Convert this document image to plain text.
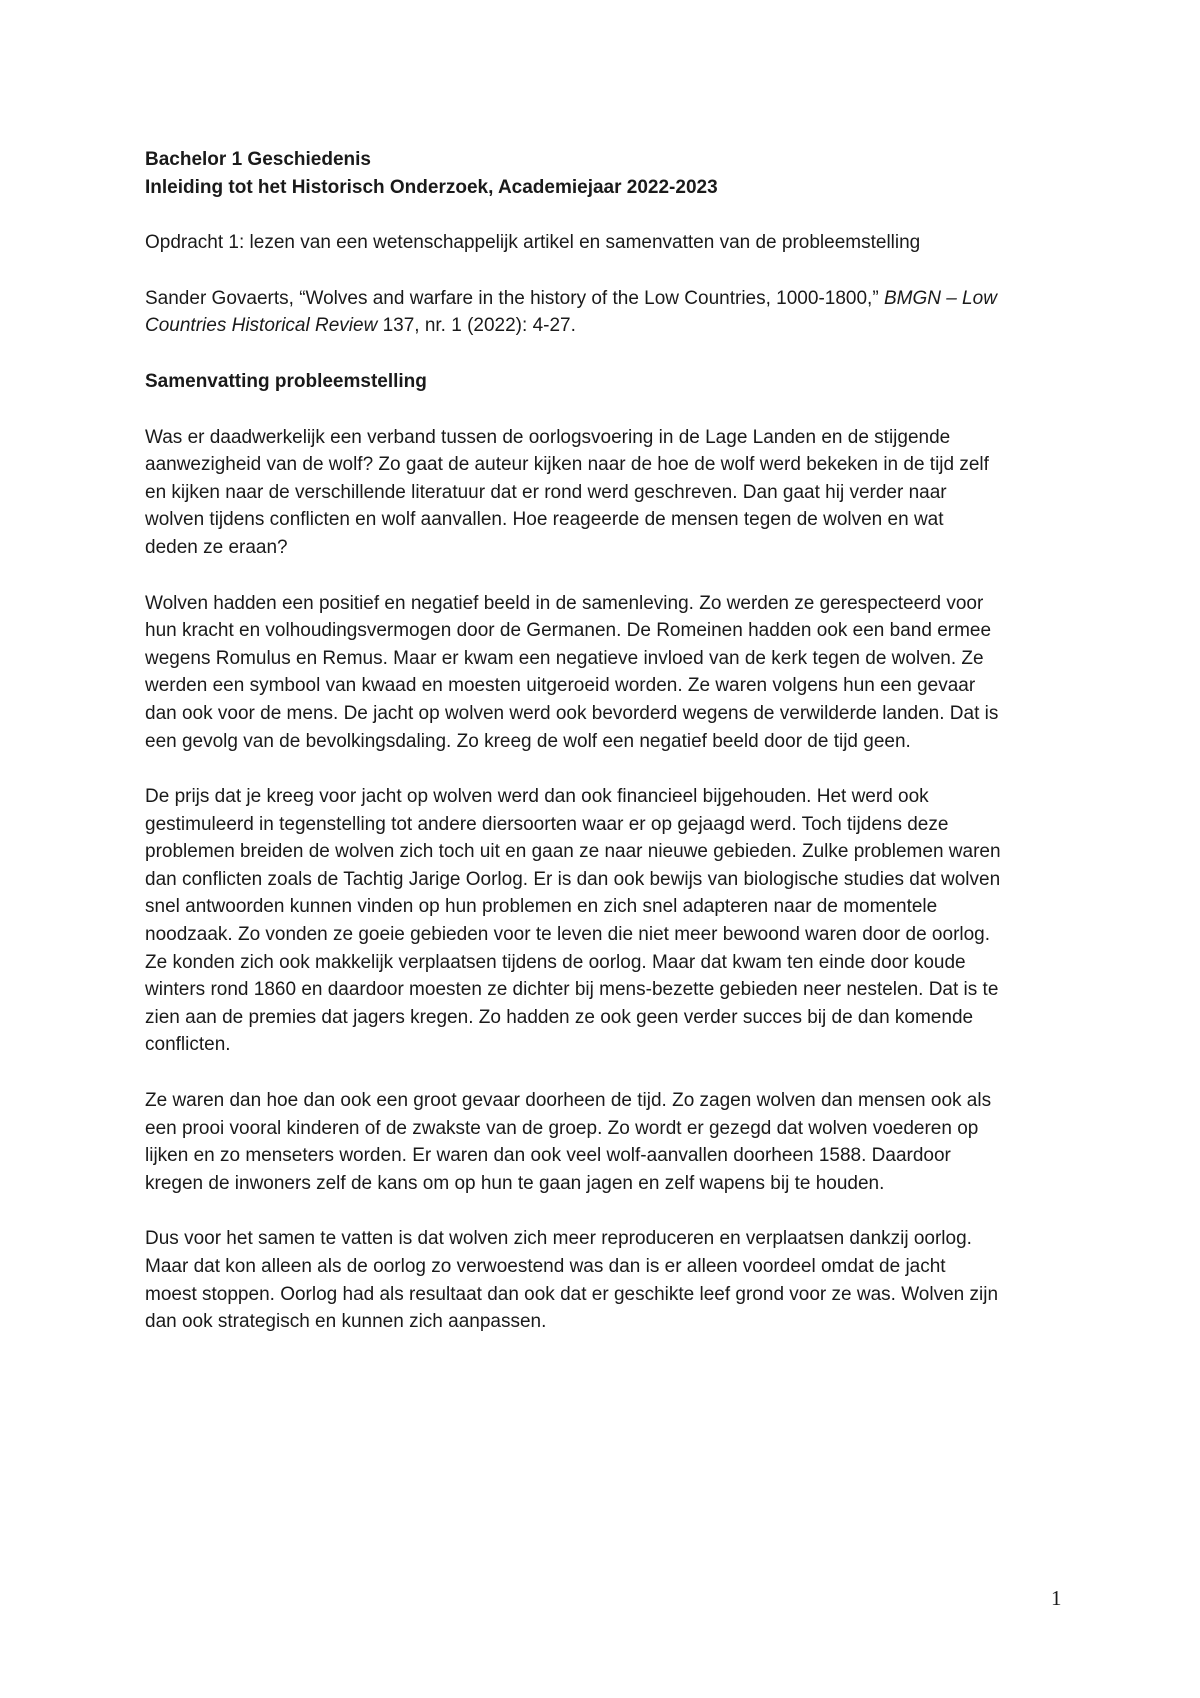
Bachelor 1 Geschiedenis
Inleiding tot het Historisch Onderzoek, Academiejaar 2022-2023
Opdracht 1: lezen van een wetenschappelijk artikel en samenvatten van de probleemstelling
Sander Govaerts, “Wolves and warfare in the history of the Low Countries, 1000-1800,” BMGN – Low
Countries Historical Review 137, nr. 1 (2022): 4-27.
Samenvatting probleemstelling
Was er daadwerkelijk een verband tussen de oorlogsvoering in de Lage Landen en de stijgende
aanwezigheid van de wolf? Zo gaat de auteur kijken naar de hoe de wolf werd bekeken in de tijd zelf
en kijken naar de verschillende literatuur dat er rond werd geschreven. Dan gaat hij verder naar
wolven tijdens conflicten en wolf aanvallen. Hoe reageerde de mensen tegen de wolven en wat
deden ze eraan?
Wolven hadden een positief en negatief beeld in de samenleving. Zo werden ze gerespecteerd voor
hun kracht en volhoudingsvermogen door de Germanen. De Romeinen hadden ook een band ermee
wegens Romulus en Remus. Maar er kwam een negatieve invloed van de kerk tegen de wolven. Ze
werden een symbool van kwaad en moesten uitgeroeid worden. Ze waren volgens hun een gevaar
dan ook voor de mens. De jacht op wolven werd ook bevorderd wegens de verwilderde landen. Dat is
een gevolg van de bevolkingsdaling. Zo kreeg de wolf een negatief beeld door de tijd geen.
De prijs dat je kreeg voor jacht op wolven werd dan ook financieel bijgehouden. Het werd ook
gestimuleerd in tegenstelling tot andere diersoorten waar er op gejaagd werd. Toch tijdens deze
problemen breiden de wolven zich toch uit en gaan ze naar nieuwe gebieden. Zulke problemen waren
dan conflicten zoals de Tachtig Jarige Oorlog. Er is dan ook bewijs van biologische studies dat wolven
snel antwoorden kunnen vinden op hun problemen en zich snel adapteren naar de momentele
noodzaak. Zo vonden ze goeie gebieden voor te leven die niet meer bewoond waren door de oorlog.
Ze konden zich ook makkelijk verplaatsen tijdens de oorlog. Maar dat kwam ten einde door koude
winters rond 1860 en daardoor moesten ze dichter bij mens-bezette gebieden neer nestelen. Dat is te
zien aan de premies dat jagers kregen. Zo hadden ze ook geen verder succes bij de dan komende
conflicten.
Ze waren dan hoe dan ook een groot gevaar doorheen de tijd. Zo zagen wolven dan mensen ook als
een prooi vooral kinderen of de zwakste van de groep. Zo wordt er gezegd dat wolven voederen op
lijken en zo menseters worden. Er waren dan ook veel wolf-aanvallen doorheen 1588. Daardoor
kregen de inwoners zelf de kans om op hun te gaan jagen en zelf wapens bij te houden.
Dus voor het samen te vatten is dat wolven zich meer reproduceren en verplaatsen dankzij oorlog.
Maar dat kon alleen als de oorlog zo verwoestend was dan is er alleen voordeel omdat de jacht
moest stoppen. Oorlog had als resultaat dan ook dat er geschikte leef grond voor ze was. Wolven zijn
dan ook strategisch en kunnen zich aanpassen.
1
